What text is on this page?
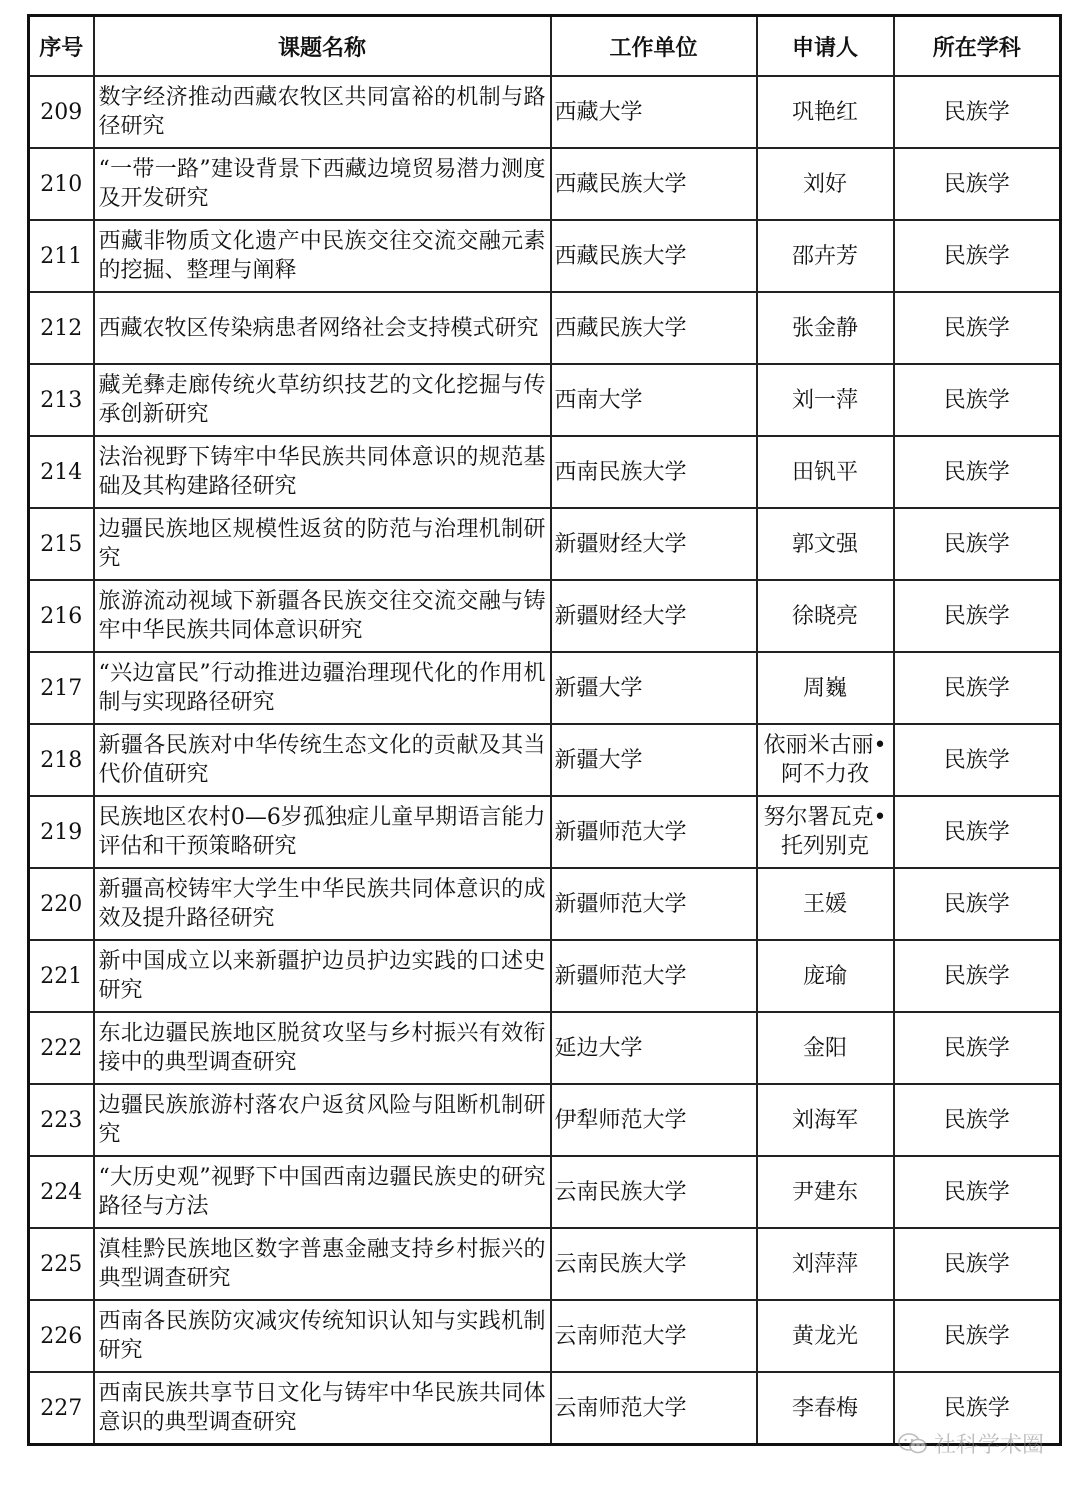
序号	课题名称	工作单位	申请人	所在学科
209	数字经济推动西藏农牧区共同富裕的机制与路径研究	西藏大学	巩艳红	民族学
210	“一带一路”建设背景下西藏边境贸易潜力测度及开发研究	西藏民族大学	刘好	民族学
211	西藏非物质文化遗产中民族交往交流交融元素的挖掘、整理与阐释	西藏民族大学	邵卉芳	民族学
212	西藏农牧区传染病患者网络社会支持模式研究	西藏民族大学	张金静	民族学
213	藏羌彝走廊传统火草纺织技艺的文化挖掘与传承创新研究	西南大学	刘一萍	民族学
214	法治视野下铸牢中华民族共同体意识的规范基础及其构建路径研究	西南民族大学	田钒平	民族学
215	边疆民族地区规模性返贫的防范与治理机制研究	新疆财经大学	郭文强	民族学
216	旅游流动视域下新疆各民族交往交流交融与铸牢中华民族共同体意识研究	新疆财经大学	徐晓亮	民族学
217	“兴边富民”行动推进边疆治理现代化的作用机制与实现路径研究	新疆大学	周巍	民族学
218	新疆各民族对中华传统生态文化的贡献及其当代价值研究	新疆大学	依丽米古丽•阿不力孜	民族学
219	民族地区农村0—6岁孤独症儿童早期语言能力评估和干预策略研究	新疆师范大学	努尔署瓦克•托列别克	民族学
220	新疆高校铸牢大学生中华民族共同体意识的成效及提升路径研究	新疆师范大学	王媛	民族学
221	新中国成立以来新疆护边员护边实践的口述史研究	新疆师范大学	庞瑜	民族学
222	东北边疆民族地区脱贫攻坚与乡村振兴有效衔接中的典型调查研究	延边大学	金阳	民族学
223	边疆民族旅游村落农户返贫风险与阻断机制研究	伊犁师范大学	刘海军	民族学
224	“大历史观”视野下中国西南边疆民族史的研究路径与方法	云南民族大学	尹建东	民族学
225	滇桂黔民族地区数字普惠金融支持乡村振兴的典型调查研究	云南民族大学	刘萍萍	民族学
226	西南各民族防灾减灾传统知识认知与实践机制研究	云南师范大学	黄龙光	民族学
227	西南民族共享节日文化与铸牢中华民族共同体意识的典型调查研究	云南师范大学	李春梅	民族学
社科学术圈
